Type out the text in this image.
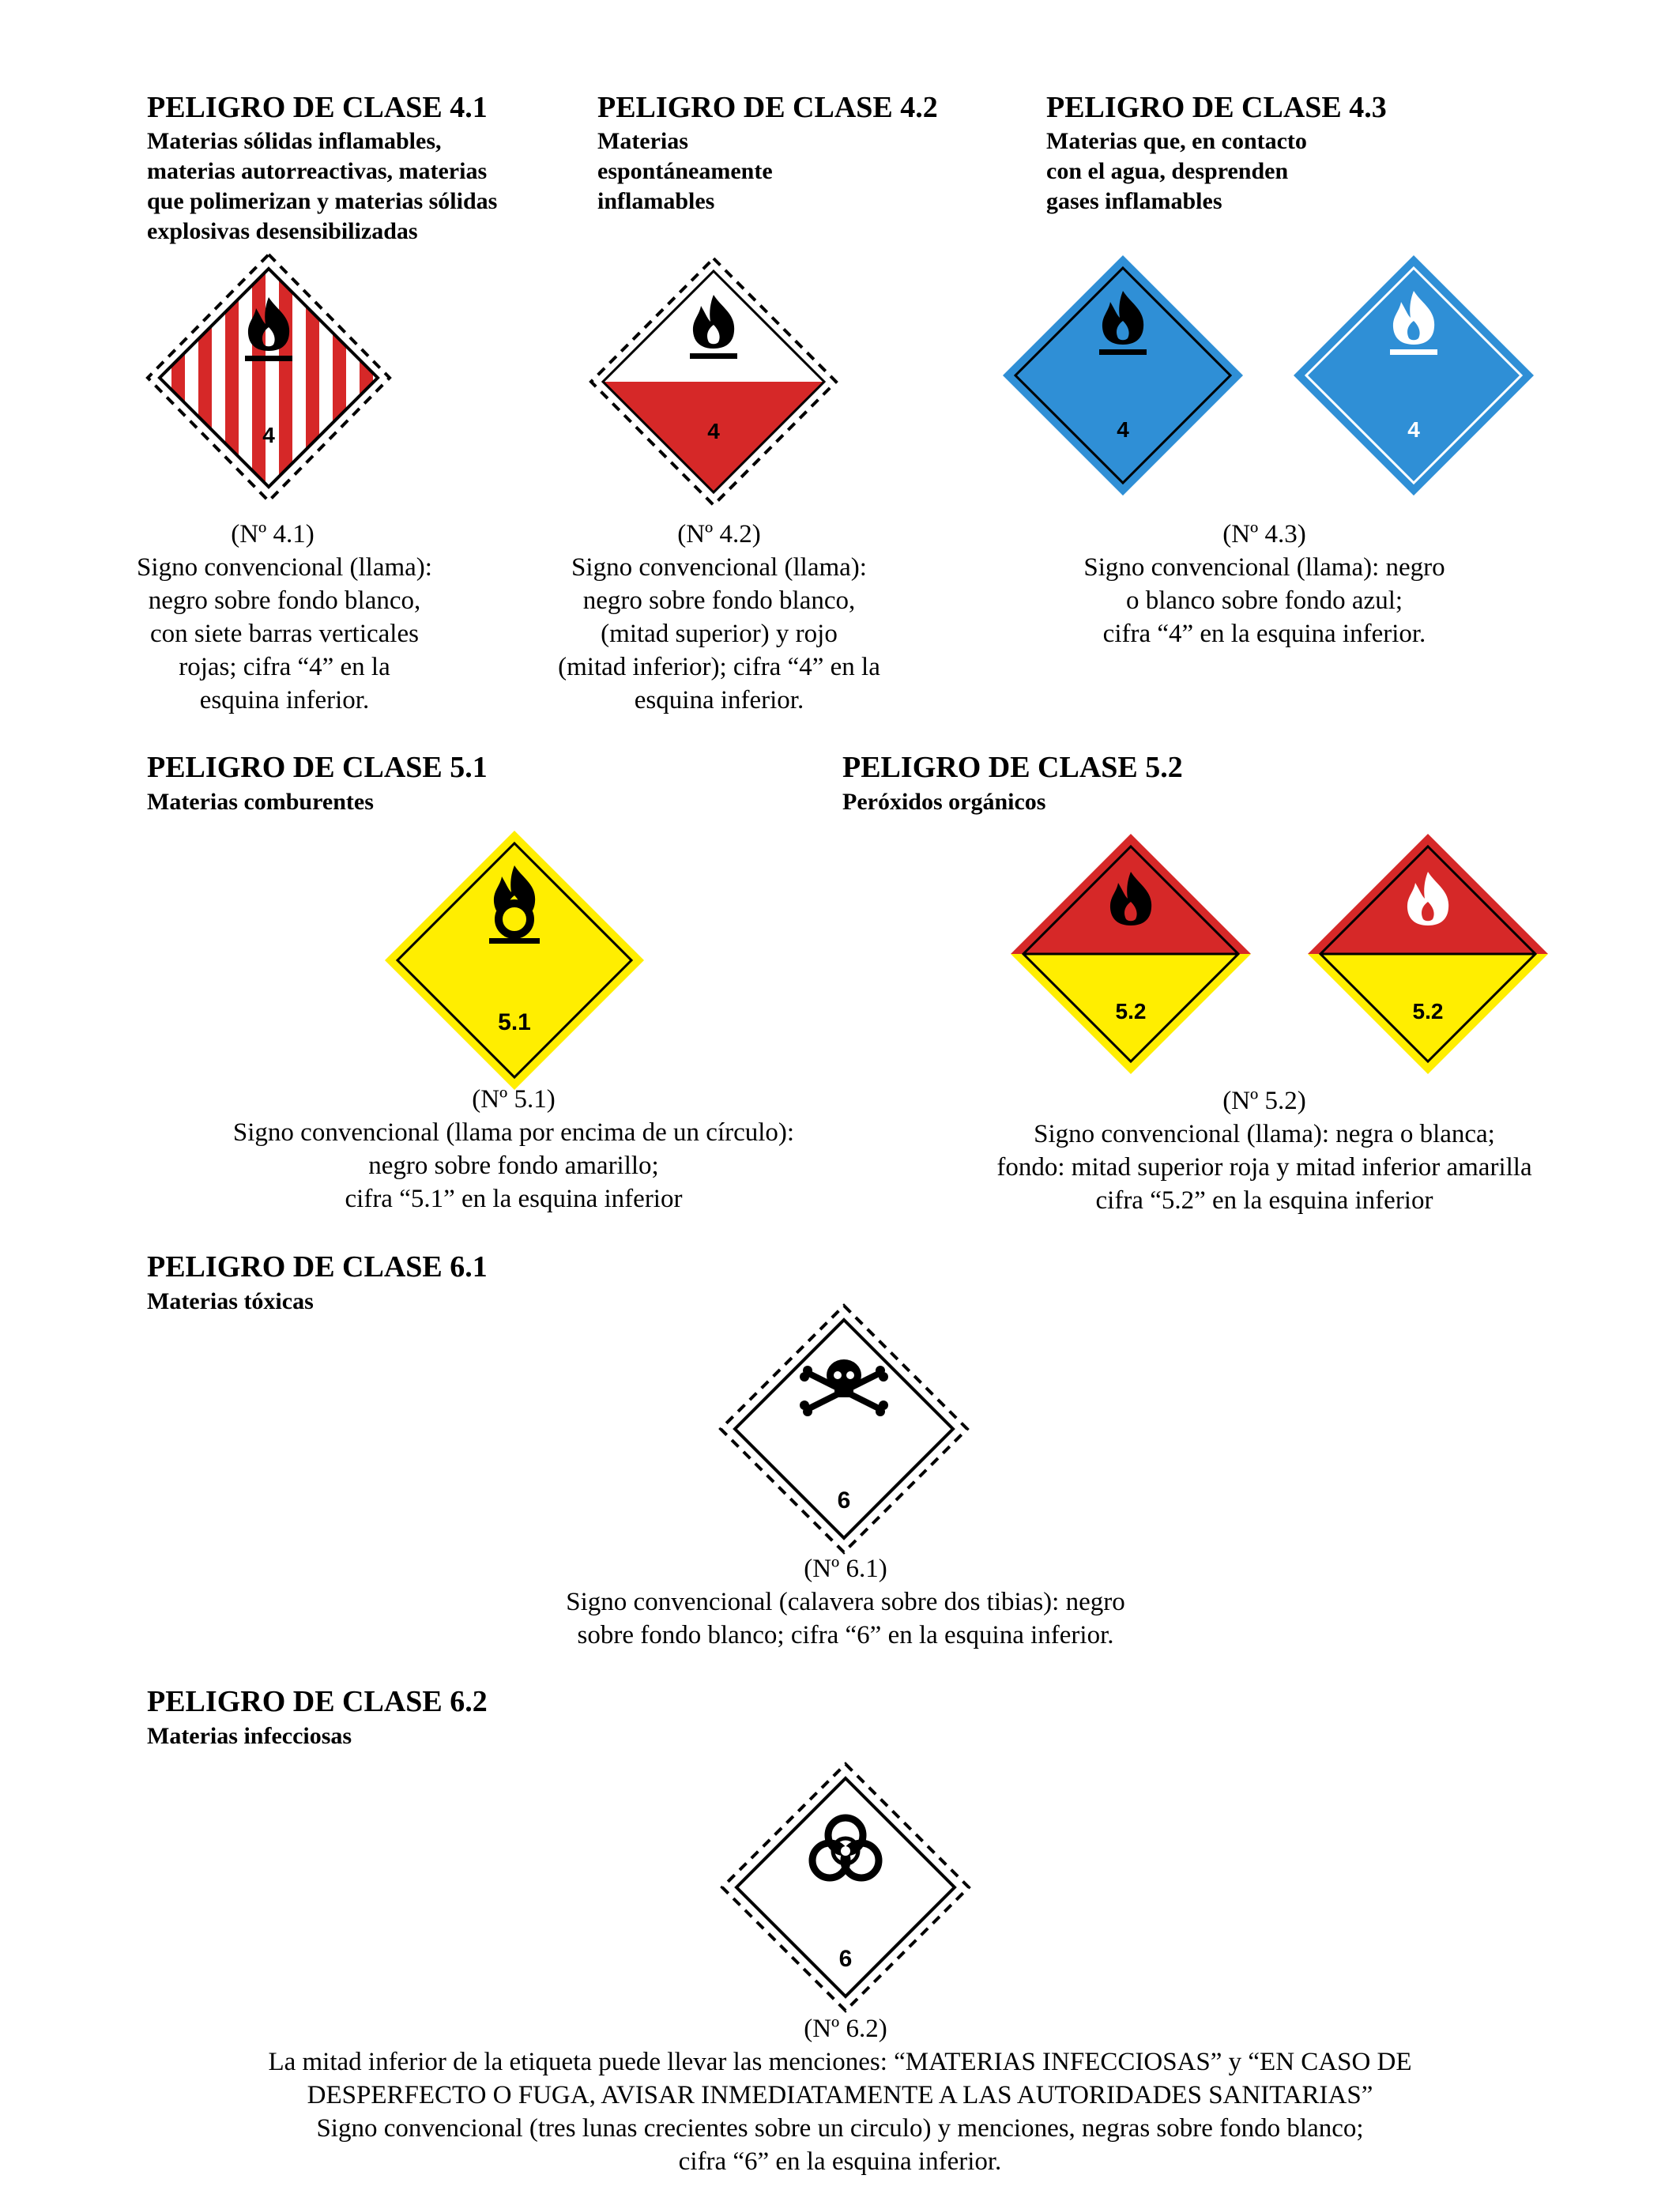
PELIGRO DE CLASE 4.1
Materias sólidas inflamables,
materias autorreactivas, materias
que polimerizan y materias sólidas
explosivas desensibilizadas
4
(Nº 4.1)
Signo convencional (llama):
negro sobre fondo blanco,
con siete barras verticales
rojas; cifra “4” en la
esquina inferior.
PELIGRO DE CLASE 4.2
Materias
espontáneamente
inflamables
4
(Nº 4.2)
Signo convencional (llama):
negro sobre fondo blanco,
(mitad superior) y rojo
(mitad inferior); cifra “4” en la
esquina inferior.
PELIGRO DE CLASE 4.3
Materias que, en contacto
con el agua, desprenden
gases inflamables
4	4
(Nº 4.3)
Signo convencional (llama): negro
o blanco sobre fondo azul;
cifra “4” en la esquina inferior.
PELIGRO DE CLASE 5.1
Materias comburentes
5.1
(Nº 5.1)
Signo convencional (llama por encima de un círculo):
negro sobre fondo amarillo;
cifra “5.1” en la esquina inferior
PELIGRO DE CLASE 5.2
Peróxidos orgánicos
5.2	5.2
(Nº 5.2)
Signo convencional (llama): negra o blanca;
fondo: mitad superior roja y mitad inferior amarilla
cifra “5.2” en la esquina inferior
PELIGRO DE CLASE 6.1
Materias tóxicas
6
(Nº 6.1)
Signo convencional (calavera sobre dos tibias): negro
sobre fondo blanco; cifra “6” en la esquina inferior.
PELIGRO DE CLASE 6.2
Materias infecciosas
6
(Nº 6.2)
La mitad inferior de la etiqueta puede llevar las menciones: “MATERIAS INFECCIOSAS” y “EN CASO DE
DESPERFECTO O FUGA, AVISAR INMEDIATAMENTE A LAS AUTORIDADES SANITARIAS”
Signo convencional (tres lunas crecientes sobre un circulo) y menciones, negras sobre fondo blanco;
cifra “6” en la esquina inferior.
